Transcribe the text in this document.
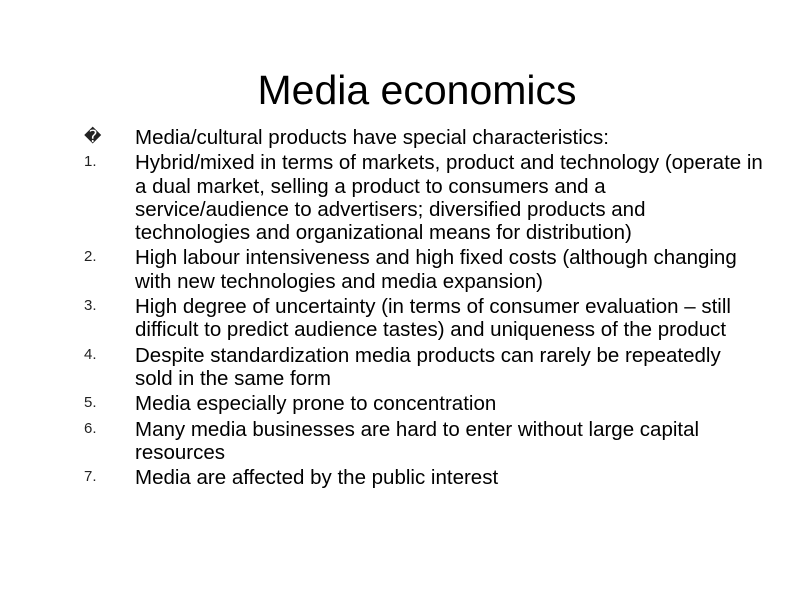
Media economics
�	Media/cultural products have special characteristics:
1.	Hybrid/mixed in terms of markets, product and technology (operate in a dual market, selling a product to consumers and a service/audience to advertisers; diversified products and technologies and organizational means for distribution)
2.	High labour intensiveness and high fixed costs (although changing with new technologies and media expansion)
3.	High degree of uncertainty (in terms of consumer evaluation – still difficult to predict audience tastes) and uniqueness of the product
4.	Despite standardization media products can rarely be repeatedly sold in the same form
5.	Media especially prone to concentration
6.	Many media businesses are hard to enter without large capital resources
7.	Media are affected by the public interest
